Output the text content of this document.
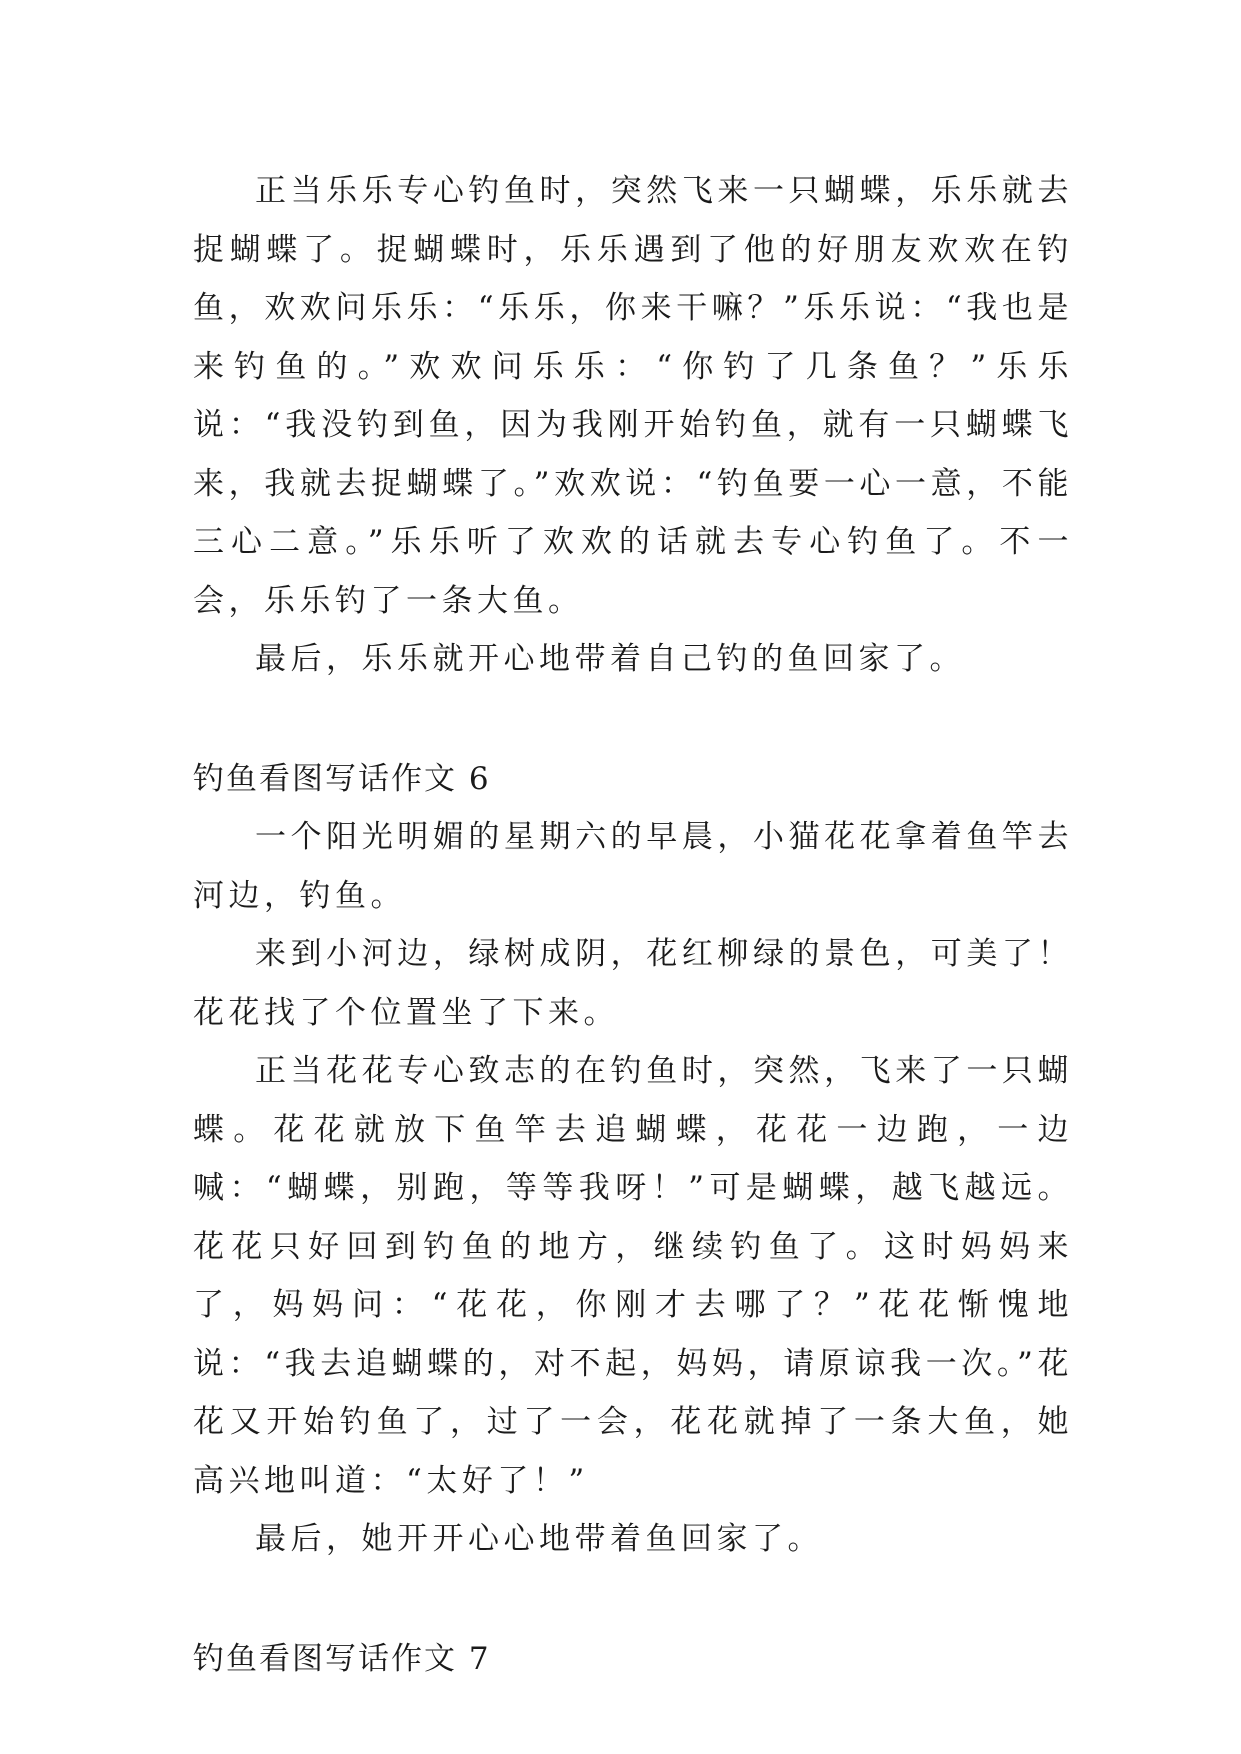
正当乐乐专心钓鱼时，突然飞来一只蝴蝶，乐乐就去捉蝴蝶了。捉蝴蝶时，乐乐遇到了他的好朋友欢欢在钓鱼，欢欢问乐乐：“乐乐，你来干嘛？”乐乐说：“我也是来钓鱼的。”欢欢问乐乐：“你钓了几条鱼？”乐乐说：“我没钓到鱼，因为我刚开始钓鱼，就有一只蝴蝶飞来，我就去捉蝴蝶了。”欢欢说：“钓鱼要一心一意，不能三心二意。”乐乐听了欢欢的话就去专心钓鱼了。不一会，乐乐钓了一条大鱼。

最后，乐乐就开心地带着自己钓的鱼回家了。

钓鱼看图写话作文 6

一个阳光明媚的星期六的早晨，小猫花花拿着鱼竿去河边，钓鱼。

来到小河边，绿树成阴，花红柳绿的景色，可美了！花花找了个位置坐了下来。

正当花花专心致志的在钓鱼时，突然，飞来了一只蝴蝶。花花就放下鱼竿去追蝴蝶，花花一边跑，一边喊：“蝴蝶，别跑，等等我呀！”可是蝴蝶，越飞越远。花花只好回到钓鱼的地方，继续钓鱼了。这时妈妈来了，妈妈问：“花花，你刚才去哪了？”花花惭愧地说：“我去追蝴蝶的，对不起，妈妈，请原谅我一次。”花花又开始钓鱼了，过了一会，花花就掉了一条大鱼，她高兴地叫道：“太好了！”

最后，她开开心心地带着鱼回家了。

钓鱼看图写话作文 7
